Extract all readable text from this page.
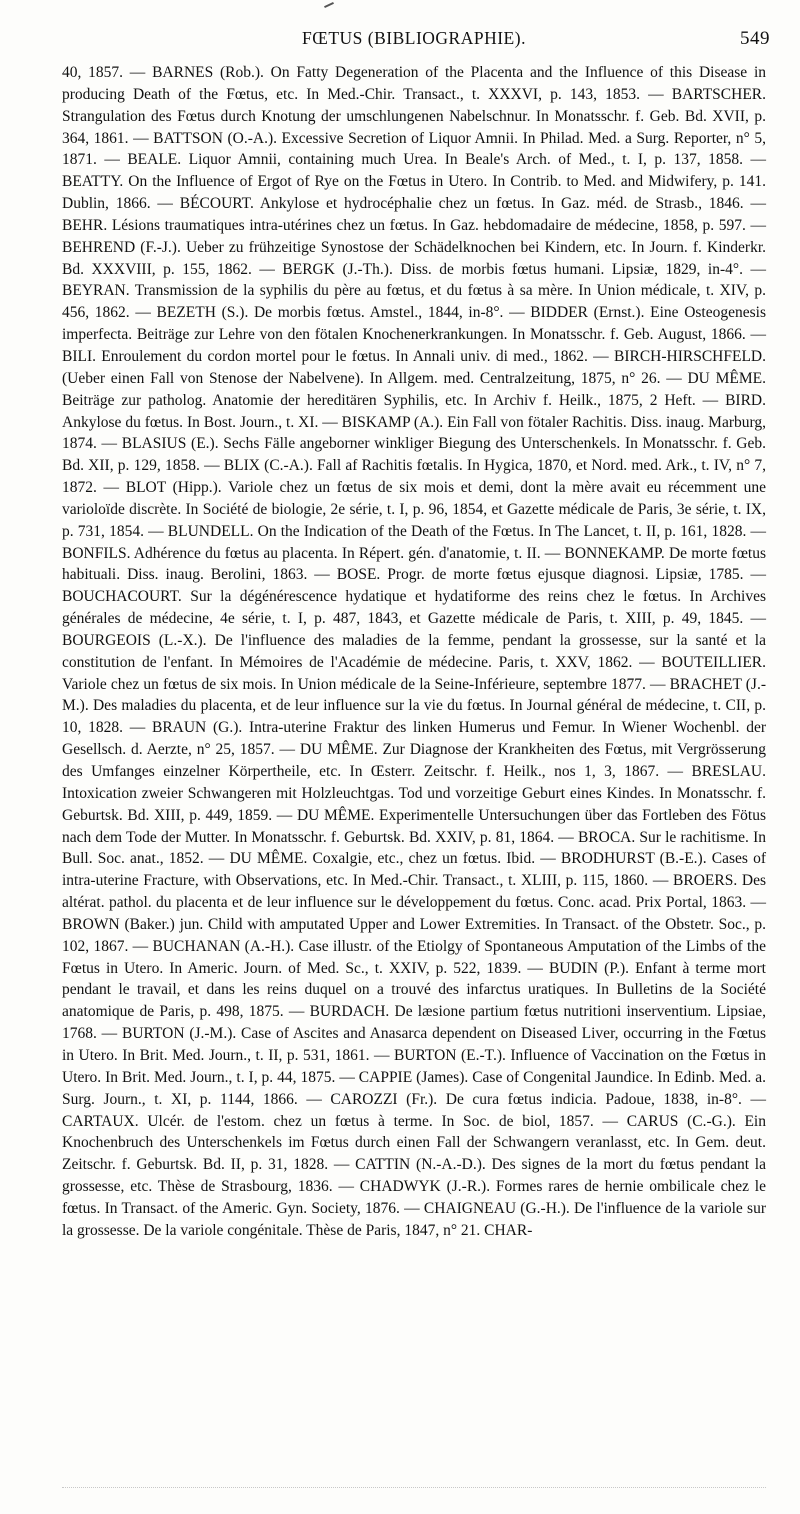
FŒTUS (BIBLIOGRAPHIE).	549
40, 1857. — BARNES (Rob.). On Fatty Degeneration of the Placenta and the Influence of this Disease in producing Death of the Fœtus, etc. In Med.-Chir. Transact., t. XXXVI, p. 143, 1853. — BARTSCHER. Strangulation des Fœtus durch Knotung der umschlungenen Nabelschnur. In Monatsschr. f. Geb. Bd. XVII, p. 364, 1861. — BATTSON (O.-A.). Excessive Secretion of Liquor Amnii. In Philad. Med. a Surg. Reporter, n° 5, 1871. — BEALE. Liquor Amnii, containing much Urea. In Beale's Arch. of Med., t. I, p. 137, 1858. — BEATTY. On the Influence of Ergot of Rye on the Fœtus in Utero. In Contrib. to Med. and Midwifery, p. 141. Dublin, 1866. — BÉCOURT. Ankylose et hydrocéphalie chez un fœtus. In Gaz. méd. de Strasb., 1846. — BEHR. Lésions traumatiques intra-utérines chez un fœtus. In Gaz. hebdomadaire de médecine, 1858, p. 597. — BEHREND (F.-J.). Ueber zu frühzeitige Synostose der Schädelknochen bei Kindern, etc. In Journ. f. Kinderkr. Bd. XXXVIII, p. 155, 1862. — BERGK (J.-Th.). Diss. de morbis fœtus humani. Lipsiæ, 1829, in-4°. — BEYRAN. Transmission de la syphilis du père au fœtus, et du fœtus à sa mère. In Union médicale, t. XIV, p. 456, 1862. — BEZETH (S.). De morbis fœtus. Amstel., 1844, in-8°. — BIDDER (Ernst.). Eine Osteogenesis imperfecta. Beiträge zur Lehre von den fötalen Knochenerkrankungen. In Monatsschr. f. Geb. August, 1866. — BILI. Enroulement du cordon mortel pour le fœtus. In Annali univ. di med., 1862. — BIRCH-HIRSCHFELD. (Ueber einen Fall von Stenose der Nabelvene). In Allgem. med. Centralzeitung, 1875, n° 26. — DU MÊME. Beiträge zur patholog. Anatomie der hereditären Syphilis, etc. In Archiv f. Heilk., 1875, 2 Heft. — BIRD. Ankylose du fœtus. In Bost. Journ., t. XI. — BISKAMP (A.). Ein Fall von fötaler Rachitis. Diss. inaug. Marburg, 1874. — BLASIUS (E.). Sechs Fälle angeborner winkliger Biegung des Unterschenkels. In Monatsschr. f. Geb. Bd. XII, p. 129, 1858. — BLIX (C.-A.). Fall af Rachitis fœtalis. In Hygica, 1870, et Nord. med. Ark., t. IV, n° 7, 1872. — BLOT (Hipp.). Variole chez un fœtus de six mois et demi, dont la mère avait eu récemment une varioloïde discrète. In Société de biologie, 2e série, t. I, p. 96, 1854, et Gazette médicale de Paris, 3e série, t. IX, p. 731, 1854. — BLUNDELL. On the Indication of the Death of the Fœtus. In The Lancet, t. II, p. 161, 1828. — BONFILS. Adhérence du fœtus au placenta. In Répert. gén. d'anatomie, t. II. — BONNEKAMP. De morte fœtus habituali. Diss. inaug. Berolini, 1863. — BOSE. Progr. de morte fœtus ejusque diagnosi. Lipsiæ, 1785. — BOUCHACOURT. Sur la dégénérescence hydatique et hydatiforme des reins chez le fœtus. In Archives générales de médecine, 4e série, t. I, p. 487, 1843, et Gazette médicale de Paris, t. XIII, p. 49, 1845. — BOURGEOIS (L.-X.). De l'influence des maladies de la femme, pendant la grossesse, sur la santé et la constitution de l'enfant. In Mémoires de l'Académie de médecine. Paris, t. XXV, 1862. — BOUTEILLIER. Variole chez un fœtus de six mois. In Union médicale de la Seine-Inférieure, septembre 1877. — BRACHET (J.-M.). Des maladies du placenta, et de leur influence sur la vie du fœtus. In Journal général de médecine, t. CII, p. 10, 1828. — BRAUN (G.). Intra-uterine Fraktur des linken Humerus und Femur. In Wiener Wochenbl. der Gesellsch. d. Aerzte, n° 25, 1857. — DU MÊME. Zur Diagnose der Krankheiten des Fœtus, mit Vergrösserung des Umfanges einzelner Körpertheile, etc. In Œsterr. Zeitschr. f. Heilk., nos 1, 3, 1867. — BRESLAU. Intoxication zweier Schwangeren mit Holzleuchtgas. Tod und vorzeitige Geburt eines Kindes. In Monatsschr. f. Geburtsk. Bd. XIII, p. 449, 1859. — DU MÊME. Experimentelle Untersuchungen über das Fortleben des Fötus nach dem Tode der Mutter. In Monatsschr. f. Geburtsk. Bd. XXIV, p. 81, 1864. — BROCA. Sur le rachitisme. In Bull. Soc. anat., 1852. — DU MÊME. Coxalgie, etc., chez un fœtus. Ibid. — BRODHURST (B.-E.). Cases of intra-uterine Fracture, with Observations, etc. In Med.-Chir. Transact., t. XLIII, p. 115, 1860. — BROERS. Des altérat. pathol. du placenta et de leur influence sur le développement du fœtus. Conc. acad. Prix Portal, 1863. — BROWN (Baker.) jun. Child with amputated Upper and Lower Extremities. In Transact. of the Obstetr. Soc., p. 102, 1867. — BUCHANAN (A.-H.). Case illustr. of the Etiolgy of Spontaneous Amputation of the Limbs of the Fœtus in Utero. In Americ. Journ. of Med. Sc., t. XXIV, p. 522, 1839. — BUDIN (P.). Enfant à terme mort pendant le travail, et dans les reins duquel on a trouvé des infarctus uratiques. In Bulletins de la Société anatomique de Paris, p. 498, 1875. — BURDACH. De læsione partium fœtus nutritioni inserventium. Lipsiae, 1768. — BURTON (J.-M.). Case of Ascites and Anasarca dependent on Diseased Liver, occurring in the Fœtus in Utero. In Brit. Med. Journ., t. II, p. 531, 1861. — BURTON (E.-T.). Influence of Vaccination on the Fœtus in Utero. In Brit. Med. Journ., t. I, p. 44, 1875. — CAPPIE (James). Case of Congenital Jaundice. In Edinb. Med. a. Surg. Journ., t. XI, p. 1144, 1866. — CAROZZI (Fr.). De cura fœtus indicia. Padoue, 1838, in-8°. — CARTAUX. Ulcér. de l'estom. chez un fœtus à terme. In Soc. de biol, 1857. — CARUS (C.-G.). Ein Knochenbruch des Unterschenkels im Fœtus durch einen Fall der Schwangern veranlasst, etc. In Gem. deut. Zeitschr. f. Geburtsk. Bd. II, p. 31, 1828. — CATTIN (N.-A.-D.). Des signes de la mort du fœtus pendant la grossesse, etc. Thèse de Strasbourg, 1836. — CHADWYK (J.-R.). Formes rares de hernie ombilicale chez le fœtus. In Transact. of the Americ. Gyn. Society, 1876. — CHAIGNEAU (G.-H.). De l'influence de la variole sur la grossesse. De la variole congénitale. Thèse de Paris, 1847, n° 21. CHAR-
